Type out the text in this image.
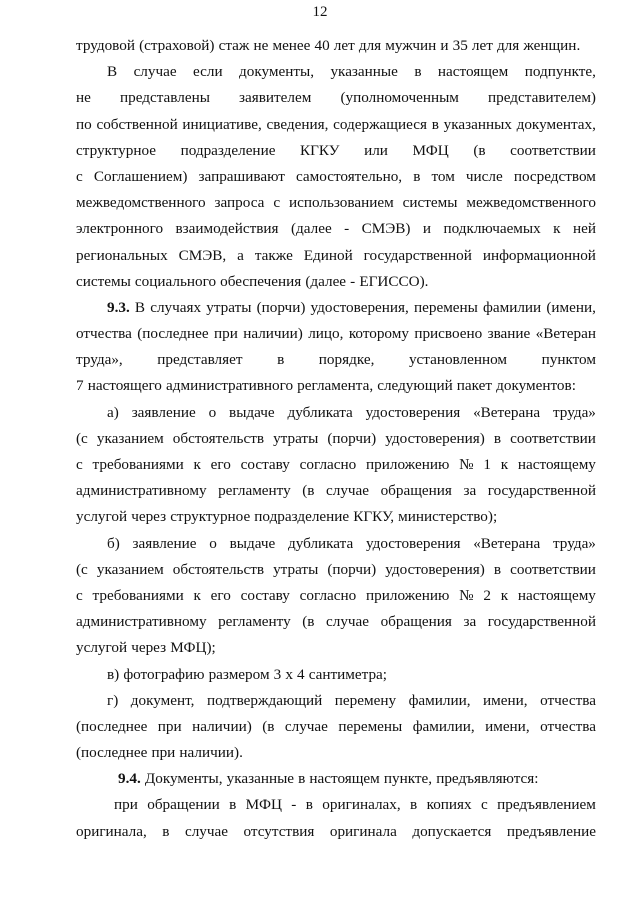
12
трудовой (страховой) стаж не менее 40 лет для мужчин и 35 лет для женщин.
В случае если документы, указанные в настоящем подпункте,
не представлены заявителем (уполномоченным представителем)
по собственной инициативе, сведения, содержащиеся в указанных документах,
структурное подразделение КГКУ или МФЦ (в соответствии
с Соглашением) запрашивают самостоятельно, в том числе посредством
межведомственного запроса с использованием системы межведомственного
электронного взаимодействия (далее - СМЭВ) и подключаемых к ней
региональных СМЭВ, а также Единой государственной информационной
системы социального обеспечения (далее - ЕГИССО).
9.3. В случаях утраты (порчи) удостоверения, перемены фамилии (имени,
отчества (последнее при наличии) лицо, которому присвоено звание «Ветеран
труда», представляет в порядке, установленном пунктом
7 настоящего административного регламента, следующий пакет документов:
а) заявление о выдаче дубликата удостоверения «Ветерана труда»
(с указанием обстоятельств утраты (порчи) удостоверения) в соответствии
с требованиями к его составу согласно приложению № 1 к настоящему
административному регламенту (в случае обращения за государственной
услугой через структурное подразделение КГКУ, министерство);
б) заявление о выдаче дубликата удостоверения «Ветерана труда»
(с указанием обстоятельств утраты (порчи) удостоверения) в соответствии
с требованиями к его составу согласно приложению № 2 к настоящему
административному регламенту (в случае обращения за государственной
услугой через МФЦ);
в) фотографию размером 3 х 4 сантиметра;
г) документ, подтверждающий перемену фамилии, имени, отчества
(последнее при наличии) (в случае перемены фамилии, имени, отчества
(последнее при наличии).
9.4. Документы, указанные в настоящем пункте, предъявляются:
при обращении в МФЦ - в оригиналах, в копиях с предъявлением
оригинала, в случае отсутствия оригинала допускается предъявление
